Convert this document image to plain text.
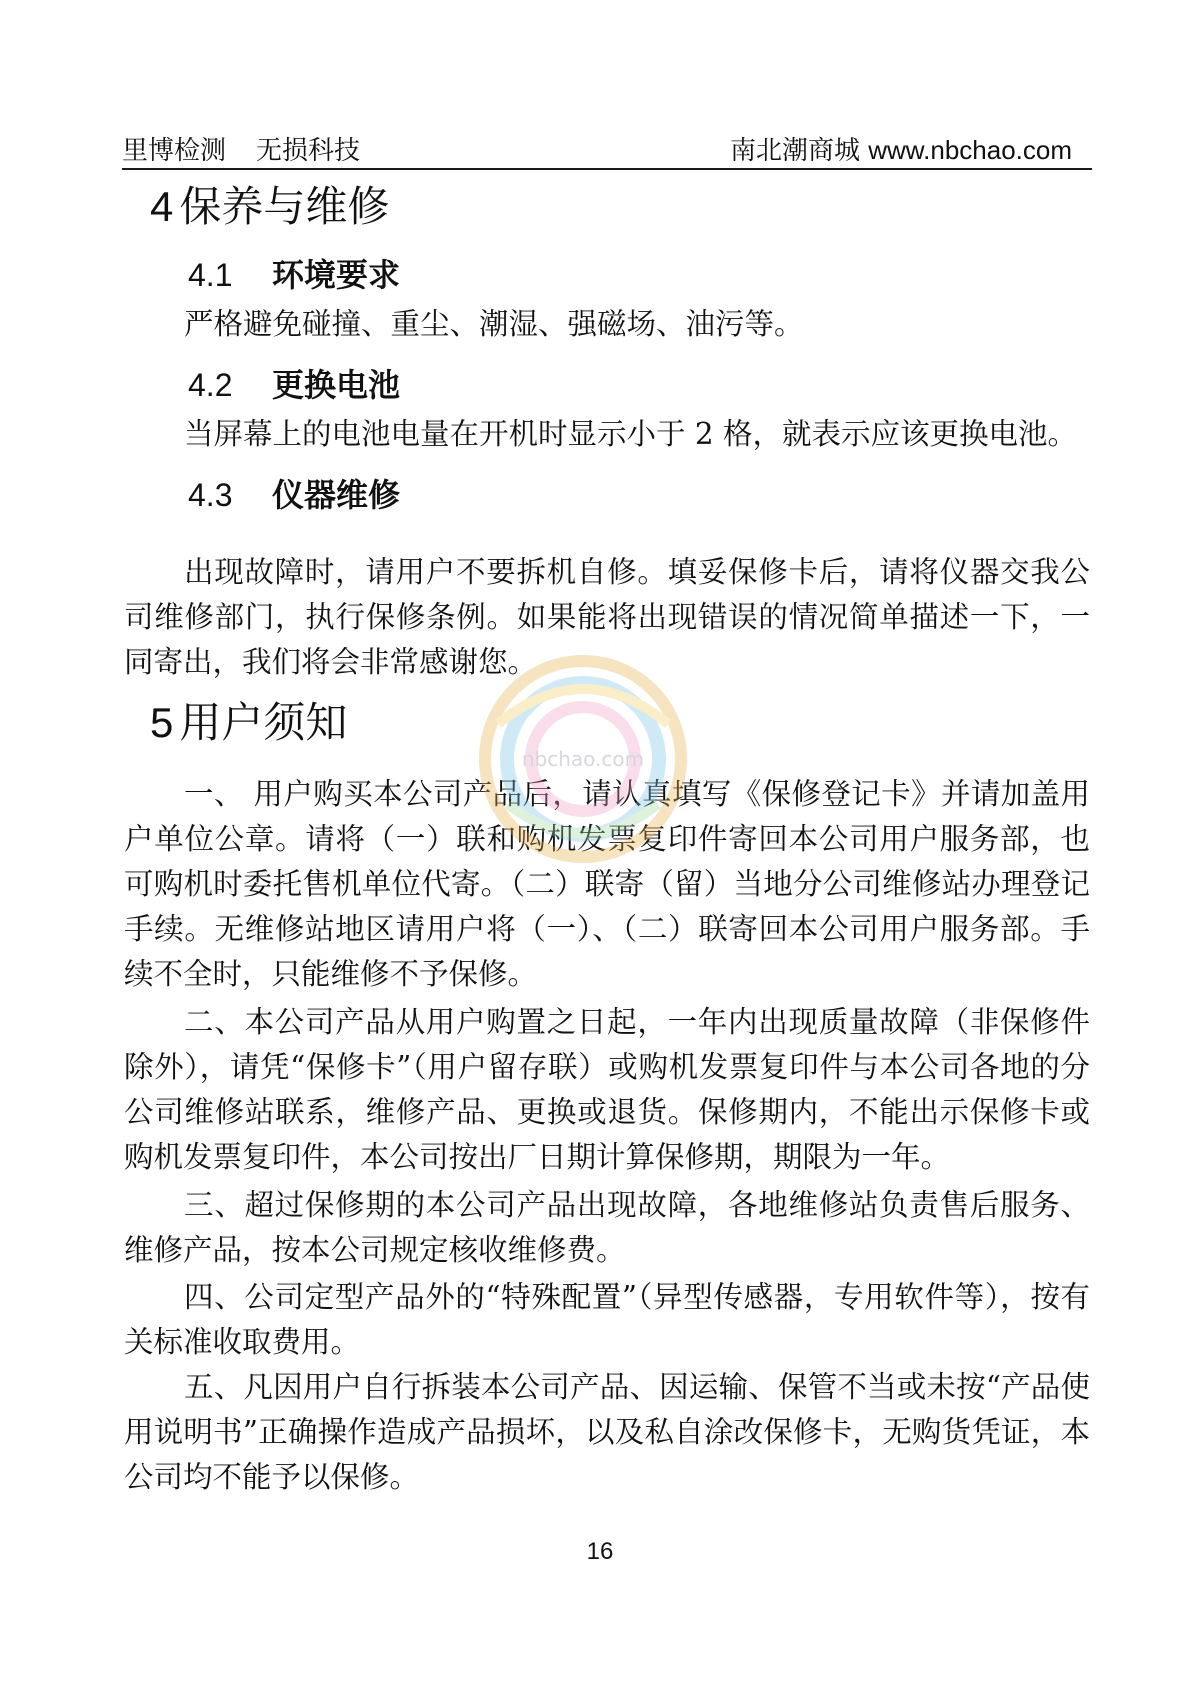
里博检测 无损科技	南北潮商城 www.nbchao.com
4 保养与维修
4.1 环境要求

严格避免碰撞、重尘、潮湿、强磁场、油污等。

4.2 更换电池

当屏幕上的电池电量在开机时显示小于 2 格，就表示应该更换电池。

4.3 仪器维修

出现故障时，请用户不要拆机自修。填妥保修卡后，请将仪器交我公司维修部门，执行保修条例。如果能将出现错误的情况简单描述一下，一同寄出，我们将会非常感谢您。

5 用户须知

一、 用户购买本公司产品后，请认真填写《保修登记卡》并请加盖用户单位公章。请将（一）联和购机发票复印件寄回本公司用户服务部，也可购机时委托售机单位代寄。（二）联寄（留）当地分公司维修站办理登记手续。无维修站地区请用户将（一）、（二）联寄回本公司用户服务部。手续不全时，只能维修不予保修。

二、本公司产品从用户购置之日起，一年内出现质量故障（非保修件除外），请凭“保修卡”（用户留存联）或购机发票复印件与本公司各地的分公司维修站联系，维修产品、更换或退货。保修期内，不能出示保修卡或购机发票复印件，本公司按出厂日期计算保修期，期限为一年。

三、超过保修期的本公司产品出现故障，各地维修站负责售后服务、维修产品，按本公司规定核收维修费。

四、公司定型产品外的“特殊配置”（异型传感器，专用软件等），按有关标准收取费用。

五、凡因用户自行拆装本公司产品、因运输、保管不当或未按“产品使用说明书”正确操作造成产品损坏，以及私自涂改保修卡，无购货凭证，本公司均不能予以保修。

nbchao.com
16
